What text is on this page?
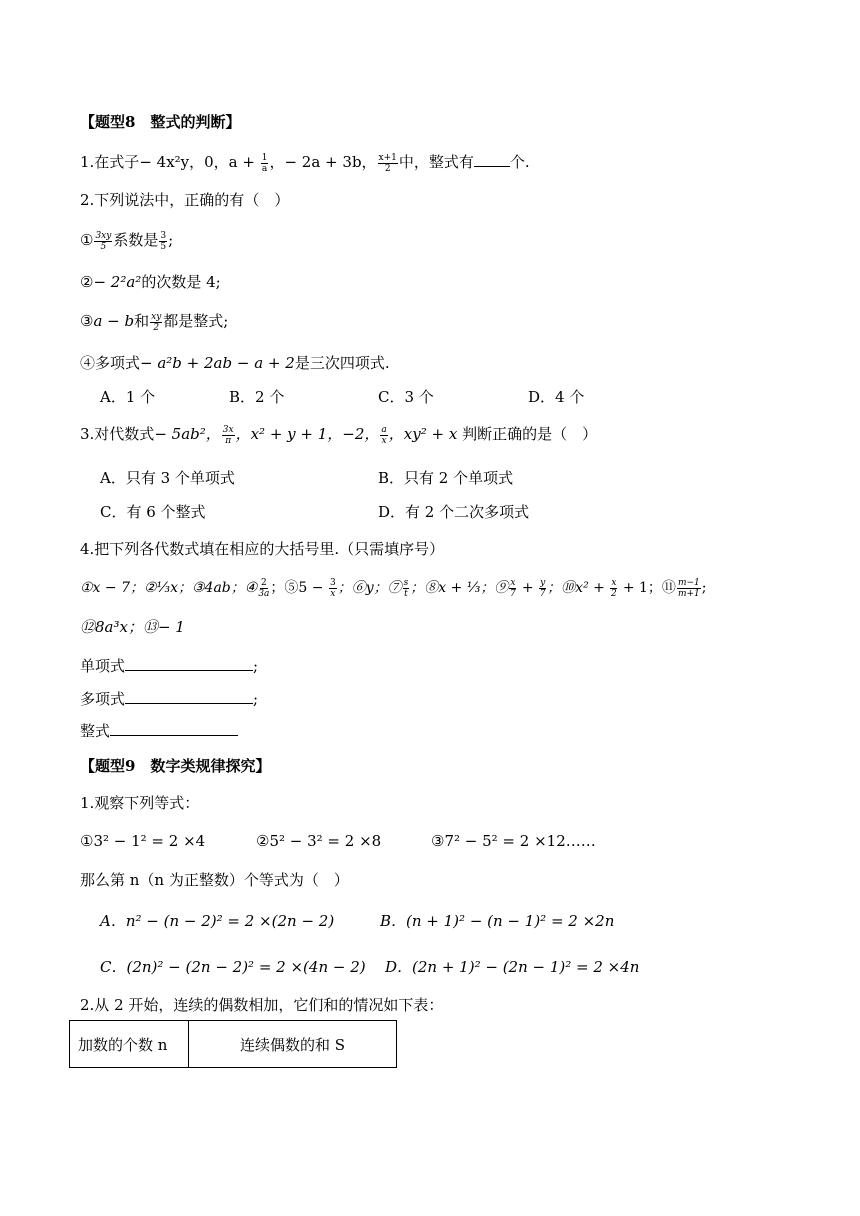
【题型8　整式的判断】
1.在式子− 4x²y，0，$a + \frac{1}{a}$ ，− 2a + 3b， $\frac{x+1}{2}$ 中，整式有 个.
2.下列说法中，正确的有（　）
① $\frac{3xy}{5}$ 系数是 $\frac{3}{5}$ ;
②− 2²a²的次数是 4;
③a − b和 $\frac{xy}{2}$ 都是整式;
④多项式− a²b + 2ab − a + 2是三次四项式.
A．1 个	B．2 个	C．3 个	D．4 个
3.对代数式− 5ab²， $\frac{3x}{\pi}$ ，x² + y + 1，−2， $\frac{a}{x}$ ，xy² + x 判断正确的是（　）
A．只有 3 个单项式	B．只有 2 个单项式
C．有 6 个整式	D．有 2 个二次多项式
4.把下列各代数式填在相应的大括号里.（只需填序号）
①x − 7；②⅓x；③4ab；④ $\frac{2}{3a}$ ；⑤5 − $\frac{3}{x}$ ；⑥y；⑦ $\frac{s}{t}$ ；⑧x + ⅓；⑨ $\frac{x}{7} + \frac{y}{7}$ ；⑩x² + $\frac{x}{2} + 1$；⑪ $\frac{m-1}{m+1}$ ;
⑫8a³x；⑬− 1
单项式	;
多项式	;
整式
【题型9　数字类规律探究】
1.观察下列等式：
①3² − 1² = 2 ×4	②5² − 3² = 2 ×8	③7² − 5² = 2 ×12……
那么第 n（n 为正整数）个等式为（　）
A．n² − (n − 2)² = 2 ×(2n − 2)	B．(n + 1)² − (n − 1)² = 2 ×2n
C．(2n)² − (2n − 2)² = 2 ×(4n − 2) D．(2n + 1)² − (2n − 1)² = 2 ×4n
2.从 2 开始，连续的偶数相加，它们和的情况如下表：
加数的个数 n	连续偶数的和 S
